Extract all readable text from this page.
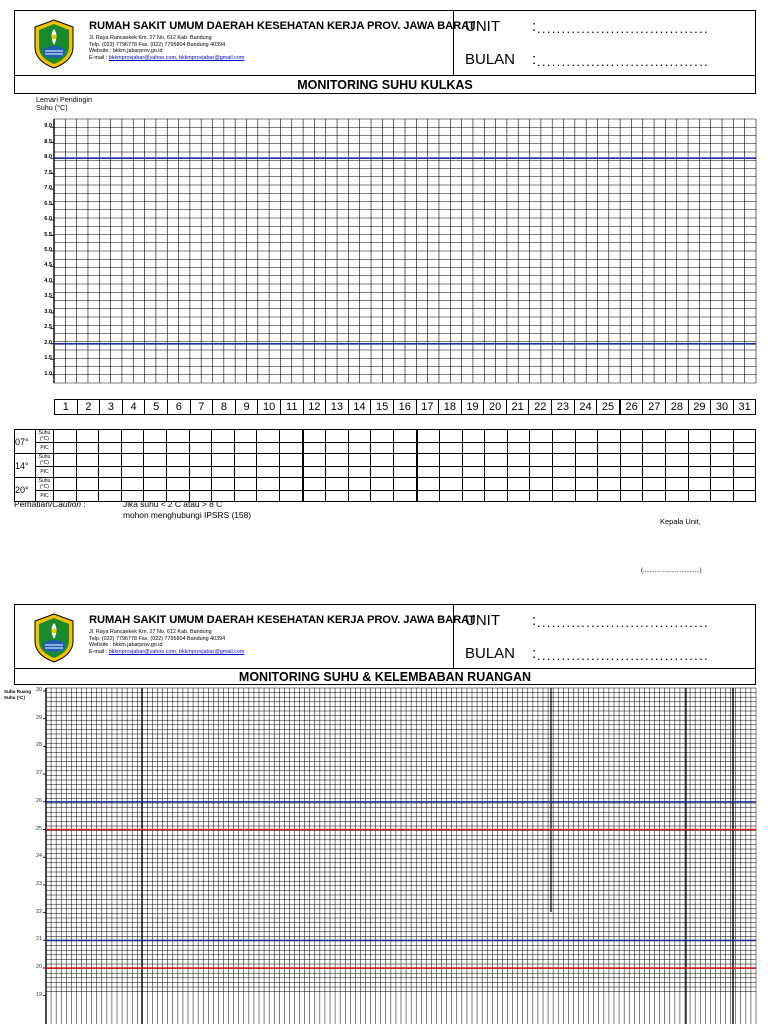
RUMAH SAKIT UMUM DAERAH KESEHATAN KERJA PROV. JAWA BARAT
Jl. Raya Rancaekek Km. 27 No. 612 Kab. Bandung
Telp. (022) 7796778 Fax. (022) 7795804 Bandung 40394
Website : bkkm.jabarprov.go.id
E-mail : bkkmprovjabar@yahoo.com, bkkmprovjabar@gmail.com
UNIT : ...................................
BULAN : ...................................
MONITORING SUHU KULKAS
Lemari Pendingin
Suhu (°C)
9.0
8.5
8.0
7.5
7.0
6.5
6.0
5.5
5.0
4.5
4.0
3.5
3.0
2.5
2.0
1.5
1.0
1	2	3	4	5	6	7	8	9	10	11	12	13	14	15	16	17	18	19	20	21	22	23	24	25	26	27	28	29	30	31
07°	Suhu (°C)																															
	PIC																															
14°	Suhu (°C)																															
	PIC																															
20°	Suhu (°C)																															
	PIC																															
Perhatian/Caution :	Jika suhu < 2 C atau > 8 C
mohon menghubungi IPSRS (158)
Kepala Unit,
(..................................)
RUMAH SAKIT UMUM DAERAH KESEHATAN KERJA PROV. JAWA BARAT
Jl. Raya Rancaekek Km. 27 No. 612 Kab. Bandung
Telp. (022) 7796778 Fax. (022) 7795804 Bandung 40394
Website : bkkm.jabarprov.go.id
E-mail : bkkmprovjabar@yahoo.com, bkkmprovjabar@gmail.com
UNIT : ...................................
BULAN : ...................................
MONITORING SUHU & KELEMBABAN RUANGAN
Suhu Ruang
Suhu (°C)
30
29
28
27
26
25
24
23
22
21
20
19
